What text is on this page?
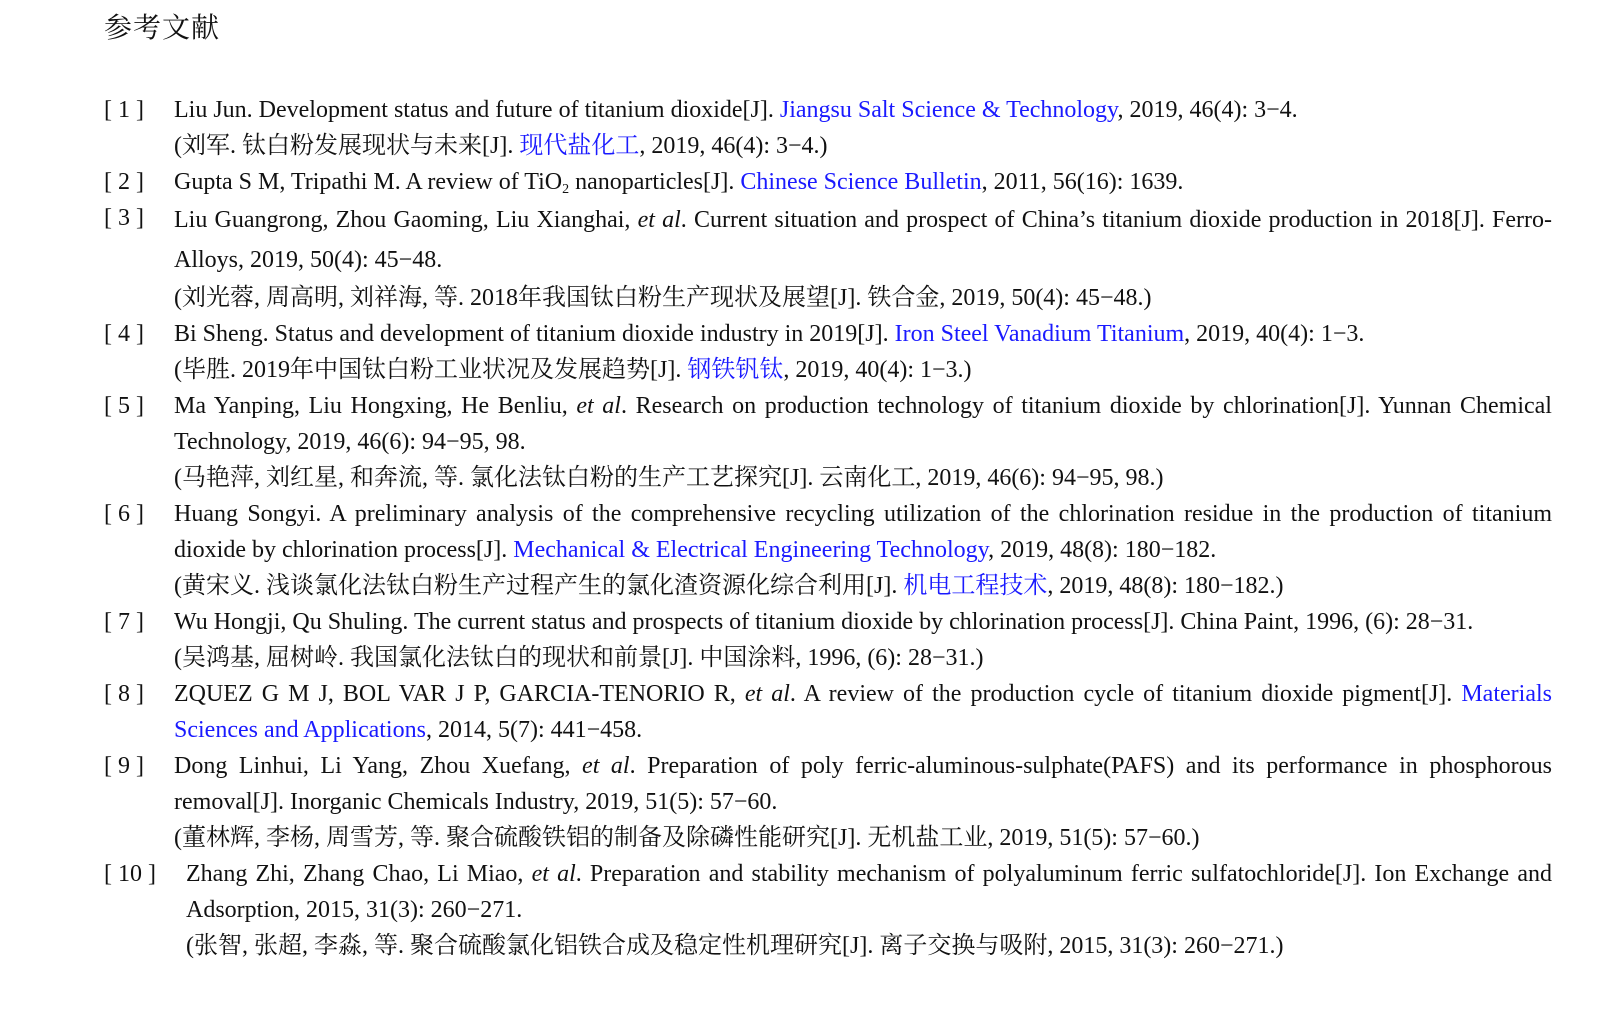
参考文献
[ 1 ]	Liu Jun. Development status and future of titanium dioxide[J]. Jiangsu Salt Science & Technology, 2019, 46(4): 3−4.
(刘军. 钛白粉发展现状与未来[J]. 现代盐化工, 2019, 46(4): 3−4.)
[ 2 ]	Gupta S M, Tripathi M. A review of TiO$_2$ nanoparticles[J]. Chinese Science Bulletin, 2011, 56(16): 1639.
[ 3 ]	Liu Guangrong, Zhou Gaoming, Liu Xianghai, et al. Current situation and prospect of China’s titanium dioxide production in 2018[J]. Ferro-Alloys, 2019, 50(4): 45−48.
(刘光蓉, 周高明, 刘祥海, 等. 2018年我国钛白粉生产现状及展望[J]. 铁合金, 2019, 50(4): 45−48.)
[ 4 ]	Bi Sheng. Status and development of titanium dioxide industry in 2019[J]. Iron Steel Vanadium Titanium, 2019, 40(4): 1−3.
(毕胜. 2019年中国钛白粉工业状况及发展趋势[J]. 钢铁钒钛, 2019, 40(4): 1−3.)
[ 5 ]	Ma Yanping, Liu Hongxing, He Benliu, et al. Research on production technology of titanium dioxide by chlorination[J]. Yunnan Chemical Technology, 2019, 46(6): 94−95, 98.
(马艳萍, 刘红星, 和奔流, 等. 氯化法钛白粉的生产工艺探究[J]. 云南化工, 2019, 46(6): 94−95, 98.)
[ 6 ]	Huang Songyi. A preliminary analysis of the comprehensive recycling utilization of the chlorination residue in the production of titanium dioxide by chlorination process[J]. Mechanical & Electrical Engineering Technology, 2019, 48(8): 180−182.
(黄宋义. 浅谈氯化法钛白粉生产过程产生的氯化渣资源化综合利用[J]. 机电工程技术, 2019, 48(8): 180−182.)
[ 7 ]	Wu Hongji, Qu Shuling. The current status and prospects of titanium dioxide by chlorination process[J]. China Paint, 1996, (6): 28−31.
(吴鸿基, 屈树岭. 我国氯化法钛白的现状和前景[J]. 中国涂料, 1996, (6): 28−31.)
[ 8 ]	ZQUEZ G M J, BOL VAR J P, GARCIA-TENORIO R, et al. A review of the production cycle of titanium dioxide pigment[J]. Materials Sciences and Applications, 2014, 5(7): 441−458.
[ 9 ]	Dong Linhui, Li Yang, Zhou Xuefang, et al. Preparation of poly ferric-aluminous-sulphate(PAFS) and its performance in phosphorous removal[J]. Inorganic Chemicals Industry, 2019, 51(5): 57−60.
(董林辉, 李杨, 周雪芳, 等. 聚合硫酸铁铝的制备及除磷性能研究[J]. 无机盐工业, 2019, 51(5): 57−60.)
[ 10 ]	Zhang Zhi, Zhang Chao, Li Miao, et al. Preparation and stability mechanism of polyaluminum ferric sulfatochloride[J]. Ion Exchange and Adsorption, 2015, 31(3): 260−271.
(张智, 张超, 李淼, 等. 聚合硫酸氯化铝铁合成及稳定性机理研究[J]. 离子交换与吸附, 2015, 31(3): 260−271.)
